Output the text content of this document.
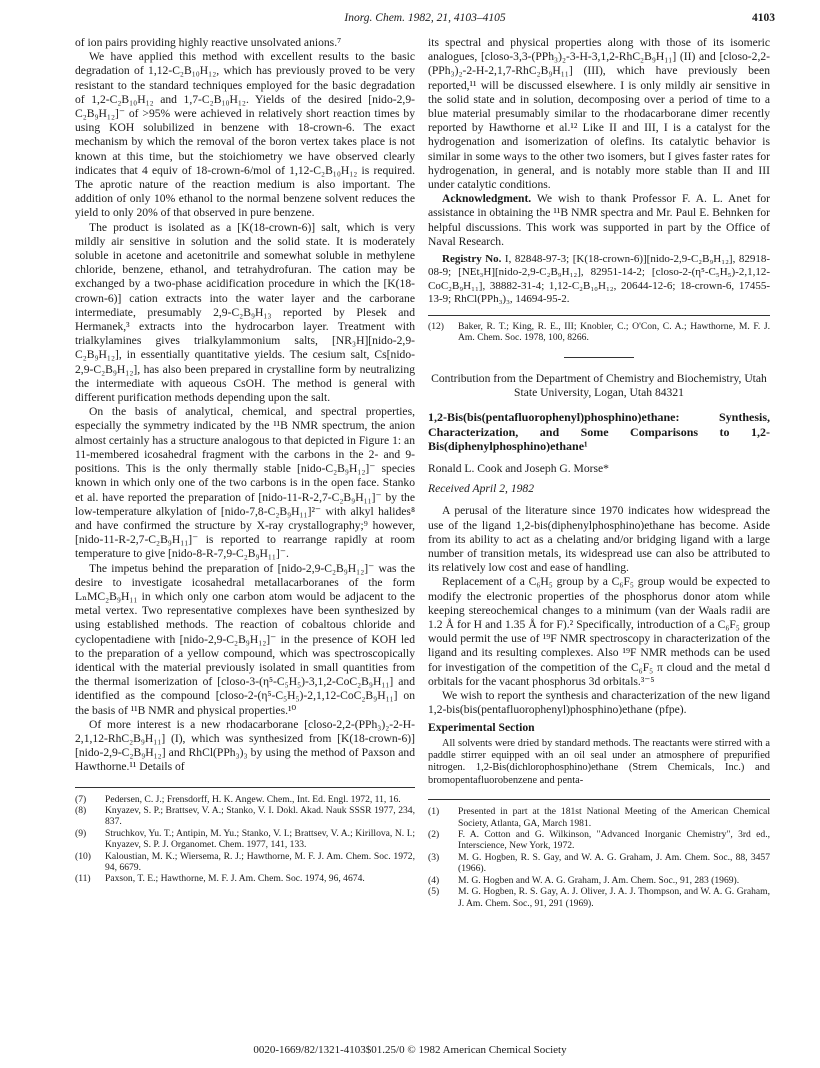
Inorg. Chem. 1982, 21, 4103–4105	4103

of ion pairs providing highly reactive unsolvated anions.⁷

We have applied this method with excellent results to the basic degradation of 1,12-C₂B₁₀H₁₂, which has previously proved to be very resistant to the standard techniques employed for the basic degradation of 1,2-C₂B₁₀H₁₂ and 1,7-C₂B₁₀H₁₂. Yields of the desired [nido-2,9-C₂B₉H₁₂]⁻ of >95% were achieved in relatively short reaction times by using KOH solubilized in benzene with 18-crown-6. The exact mechanism by which the removal of the boron vertex takes place is not known at this time, but the stoichiometry we have observed clearly indicates that 4 equiv of 18-crown-6/mol of 1,12-C₂B₁₀H₁₂ is required. The aprotic nature of the reaction medium is also important. The addition of only 10% ethanol to the normal benzene solvent reduces the yield to only 20% of that observed in pure benzene.

The product is isolated as a [K(18-crown-6)] salt, which is very mildly air sensitive in solution and the solid state. It is moderately soluble in acetone and acetonitrile and somewhat soluble in methylene chloride, benzene, ethanol, and tetrahydrofuran. The cation may be exchanged by a two-phase acidification procedure in which the [K(18-crown-6)] cation extracts into the water layer and the carborane intermediate, presumably 2,9-C₂B₉H₁₃ reported by Plesek and Hermanek,³ extracts into the hydrocarbon layer. Treatment with trialkylamines gives trialkylammonium salts, [NR₃H][nido-2,9-C₂B₉H₁₂], in essentially quantitative yields. The cesium salt, Cs[nido-2,9-C₂B₉H₁₂], has also been prepared in crystalline form by neutralizing the intermediate with aqueous CsOH. The method is general with different purification methods depending upon the salt.

On the basis of analytical, chemical, and spectral properties, especially the symmetry indicated by the ¹¹B NMR spectrum, the anion almost certainly has a structure analogous to that depicted in Figure 1: an 11-membered icosahedral fragment with the carbons in the 2- and 9-positions. This is the only thermally stable [nido-C₂B₉H₁₂]⁻ species known in which only one of the two carbons is in the open face. Stanko et al. have reported the preparation of [nido-11-R-2,7-C₂B₉H₁₁]⁻ by the low-temperature alkylation of [nido-7,8-C₂B₉H₁₁]²⁻ with alkyl halides⁸ and have confirmed the structure by X-ray crystallography;⁹ however, [nido-11-R-2,7-C₂B₉H₁₁]⁻ is reported to rearrange rapidly at room temperature to give [nido-8-R-7,9-C₂B₉H₁₁]⁻.

The impetus behind the preparation of [nido-2,9-C₂B₉H₁₂]⁻ was the desire to investigate icosahedral metallacarboranes of the form LₙMC₂B₉H₁₁ in which only one carbon atom would be adjacent to the metal vertex. Two representative complexes have been synthesized by using established methods. The reaction of cobaltous chloride and cyclopentadiene with [nido-2,9-C₂B₉H₁₂]⁻ in the presence of KOH led to the preparation of a yellow compound, which was spectroscopically identical with the material previously isolated in small quantities from the thermal isomerization of [closo-3-(η⁵-C₅H₅)-3,1,2-CoC₂B₉H₁₁] and identified as the compound [closo-2-(η⁵-C₅H₅)-2,1,12-CoC₂B₉H₁₁] on the basis of ¹¹B NMR and physical properties.¹⁰

Of more interest is a new rhodacarborane [closo-2,2-(PPh₃)₂-2-H-2,1,12-RhC₂B₉H₁₁] (I), which was synthesized from [K(18-crown-6)][nido-2,9-C₂B₉H₁₂] and RhCl(PPh₃)₃ by using the method of Paxson and Hawthorne.¹¹ Details of

(7) Pedersen, C. J.; Frensdorff, H. K. Angew. Chem., Int. Ed. Engl. 1972, 11, 16.

(8) Knyazev, S. P.; Brattsev, V. A.; Stanko, V. I. Dokl. Akad. Nauk SSSR 1977, 234, 837.

(9) Struchkov, Yu. T.; Antipin, M. Yu.; Stanko, V. I.; Brattsev, V. A.; Kirillova, N. I.; Knyazev, S. P. J. Organomet. Chem. 1977, 141, 133.

(10) Kaloustian, M. K.; Wiersema, R. J.; Hawthorne, M. F. J. Am. Chem. Soc. 1972, 94, 6679.

(11) Paxson, T. E.; Hawthorne, M. F. J. Am. Chem. Soc. 1974, 96, 4674.

its spectral and physical properties along with those of its isomeric analogues, [closo-3,3-(PPh₃)₂-3-H-3,1,2-RhC₂B₉H₁₁] (II) and [closo-2,2-(PPh₃)₂-2-H-2,1,7-RhC₂B₉H₁₁] (III), which have previously been reported,¹¹ will be discussed elsewhere. I is only mildly air sensitive in the solid state and in solution, decomposing over a period of time to a blue material presumably similar to the rhodacarborane dimer recently reported by Hawthorne et al.¹² Like II and III, I is a catalyst for the hydrogenation and isomerization of olefins. Its catalytic behavior is similar in some ways to the other two isomers, but I gives faster rates for hydrogenation, in general, and is notably more stable than II and III under catalytic conditions.

Acknowledgment. We wish to thank Professor F. A. L. Anet for assistance in obtaining the ¹¹B NMR spectra and Mr. Paul E. Behnken for helpful discussions. This work was supported in part by the Office of Naval Research.

Registry No. I, 82848-97-3; [K(18-crown-6)][nido-2,9-C₂B₉H₁₂], 82918-08-9; [NEt₃H][nido-2,9-C₂B₉H₁₂], 82951-14-2; [closo-2-(η⁵-C₅H₅)-2,1,12-CoC₂B₉H₁₁], 38882-31-4; 1,12-C₂B₁₀H₁₂, 20644-12-6; 18-crown-6, 17455-13-9; RhCl(PPh₃)₃, 14694-95-2.

(12) Baker, R. T.; King, R. E., III; Knobler, C.; O'Con, C. A.; Hawthorne, M. F. J. Am. Chem. Soc. 1978, 100, 8266.

Contribution from the Department of Chemistry and Biochemistry, Utah State University, Logan, Utah 84321
1,2-Bis(bis(pentafluorophenyl)phosphino)ethane: Synthesis, Characterization, and Some Comparisons to 1,2-Bis(diphenylphosphino)ethane¹

Ronald L. Cook and Joseph G. Morse*

Received April 2, 1982

A perusal of the literature since 1970 indicates how widespread the use of the ligand 1,2-bis(diphenylphosphino)ethane has become. Aside from its ability to act as a chelating and/or bridging ligand with a large number of transition metals, its widespread use can also be attributed to its relatively low cost and ease of handling.

Replacement of a C₆H₅ group by a C₆F₅ group would be expected to modify the electronic properties of the phosphorus donor atom while keeping stereochemical changes to a minimum (van der Waals radii are 1.2 Å for H and 1.35 Å for F).² Specifically, introduction of a C₆F₅ group would permit the use of ¹⁹F NMR spectroscopy in characterization of the ligand and its resulting complexes. Also ¹⁹F NMR methods can be used for investigation of the competition of the C₆F₅ π cloud and the metal d orbitals for the vacant phosphorus 3d orbitals.³⁻⁵

We wish to report the synthesis and characterization of the new ligand 1,2-bis(bis(pentafluorophenyl)phosphino)ethane (pfpe).

Experimental Section

All solvents were dried by standard methods. The reactants were stirred with a paddle stirrer equipped with an oil seal under an atmosphere of prepurified nitrogen. 1,2-Bis(dichlorophosphino)ethane (Strem Chemicals, Inc.) and bromopentafluorobenzene and penta-

(1) Presented in part at the 181st National Meeting of the American Chemical Society, Atlanta, GA, March 1981.

(2) F. A. Cotton and G. Wilkinson, "Advanced Inorganic Chemistry", 3rd ed., Interscience, New York, 1972.

(3) M. G. Hogben, R. S. Gay, and W. A. G. Graham, J. Am. Chem. Soc., 88, 3457 (1966).

(4) M. G. Hogben and W. A. G. Graham, J. Am. Chem. Soc., 91, 283 (1969).

(5) M. G. Hogben, R. S. Gay, A. J. Oliver, J. A. J. Thompson, and W. A. G. Graham, J. Am. Chem. Soc., 91, 291 (1969).

0020-1669/82/1321-4103$01.25/0 © 1982 American Chemical Society
